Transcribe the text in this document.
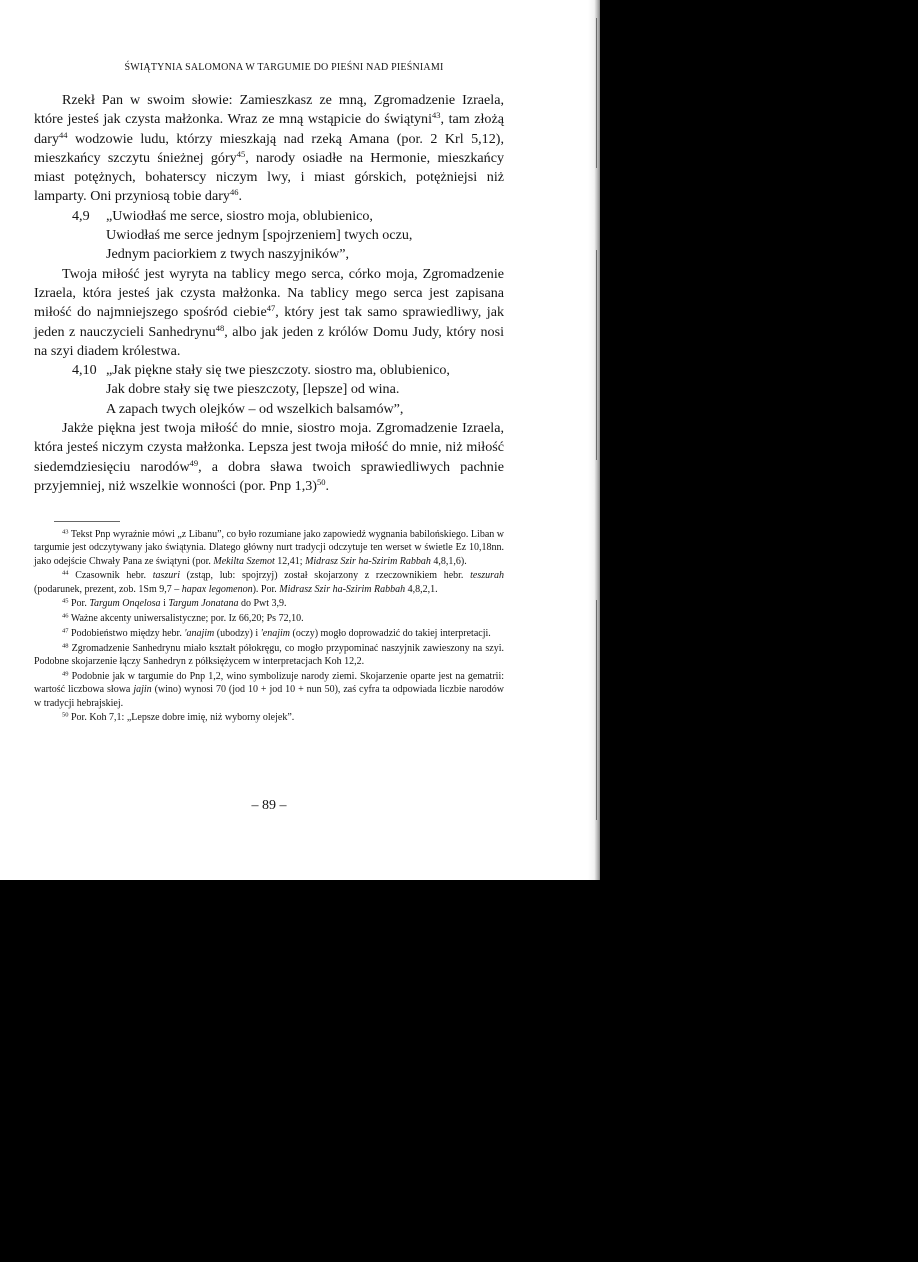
ŚWIĄTYNIA SALOMONA W TARGUMIE DO PIEŚNI NAD PIEŚNIAMI

Rzekł Pan w swoim słowie: Zamieszkasz ze mną, Zgromadzenie Izraela, które jesteś jak czysta małżonka. Wraz ze mną wstąpicie do świątyni$^{43}$, tam złożą dary$^{44}$ wodzowie ludu, którzy mieszkają nad rzeką Amana (por. 2 Krl 5,12), mieszkańcy szczytu śnieżnej góry$^{45}$, narody osiadłe na Hermonie, mieszkańcy miast potężnych, bohaterscy niczym lwy, i miast górskich, potężniejsi niż lamparty. Oni przyniosą tobie dary$^{46}$.

4,9 „Uwiodłaś me serce, siostro moja, oblubienico,
Uwiodłaś me serce jednym [spojrzeniem] twych oczu,
Jednym paciorkiem z twych naszyjników”,

Twoja miłość jest wyryta na tablicy mego serca, córko moja, Zgromadzenie Izraela, która jesteś jak czysta małżonka. Na tablicy mego serca jest zapisana miłość do najmniejszego spośród ciebie$^{47}$, który jest tak samo sprawiedliwy, jak jeden z nauczycieli Sanhedrynu$^{48}$, albo jak jeden z królów Domu Judy, który nosi na szyi diadem królestwa.

4,10 „Jak piękne stały się twe pieszczoty. siostro ma, oblubienico,
Jak dobre stały się twe pieszczoty, [lepsze] od wina.
A zapach twych olejków – od wszelkich balsamów”,

Jakże piękna jest twoja miłość do mnie, siostro moja. Zgromadzenie Izraela, która jesteś niczym czysta małżonka. Lepsza jest twoja miłość do mnie, niż miłość siedemdziesięciu narodów$^{49}$, a dobra sława twoich sprawiedliwych pachnie przyjemniej, niż wszelkie wonności (por. Pnp 1,3)$^{50}$.

$^{43}$ Tekst Pnp wyraźnie mówi „z Libanu”, co było rozumiane jako zapowiedź wygnania babilońskiego. Liban w targumie jest odczytywany jako świątynia. Dlatego główny nurt tradycji odczytuje ten werset w świetle Ez 10,18nn. jako odejście Chwały Pana ze świątyni (por. Mekilta Szemot 12,41; Midrasz Szir ha-Szirim Rabbah 4,8,1,6).

$^{44}$ Czasownik hebr. taszuri (zstąp, lub: spojrzyj) został skojarzony z rzeczownikiem hebr. teszurah (podarunek, prezent, zob. 1Sm 9,7 – hapax legomenon). Por. Midrasz Szir ha-Szirim Rabbah 4,8,2,1.

$^{45}$ Por. Targum Onqelosa i Targum Jonatana do Pwt 3,9.

$^{46}$ Ważne akcenty uniwersalistyczne; por. Iz 66,20; Ps 72,10.

$^{47}$ Podobieństwo między hebr. 'anajim (ubodzy) i 'enajim (oczy) mogło doprowadzić do takiej interpretacji.

$^{48}$ Zgromadzenie Sanhedrynu miało kształt półokręgu, co mogło przypominać naszyjnik zawieszony na szyi. Podobne skojarzenie łączy Sanhedryn z półksiężycem w interpretacjach Koh 12,2.

$^{49}$ Podobnie jak w targumie do Pnp 1,2, wino symbolizuje narody ziemi. Skojarzenie oparte jest na gematrii: wartość liczbowa słowa jajin (wino) wynosi 70 (jod 10 + jod 10 + nun 50), zaś cyfra ta odpowiada liczbie narodów w tradycji hebrajskiej.

$^{50}$ Por. Koh 7,1: „Lepsze dobre imię, niż wyborny olejek”.

– 89 –
